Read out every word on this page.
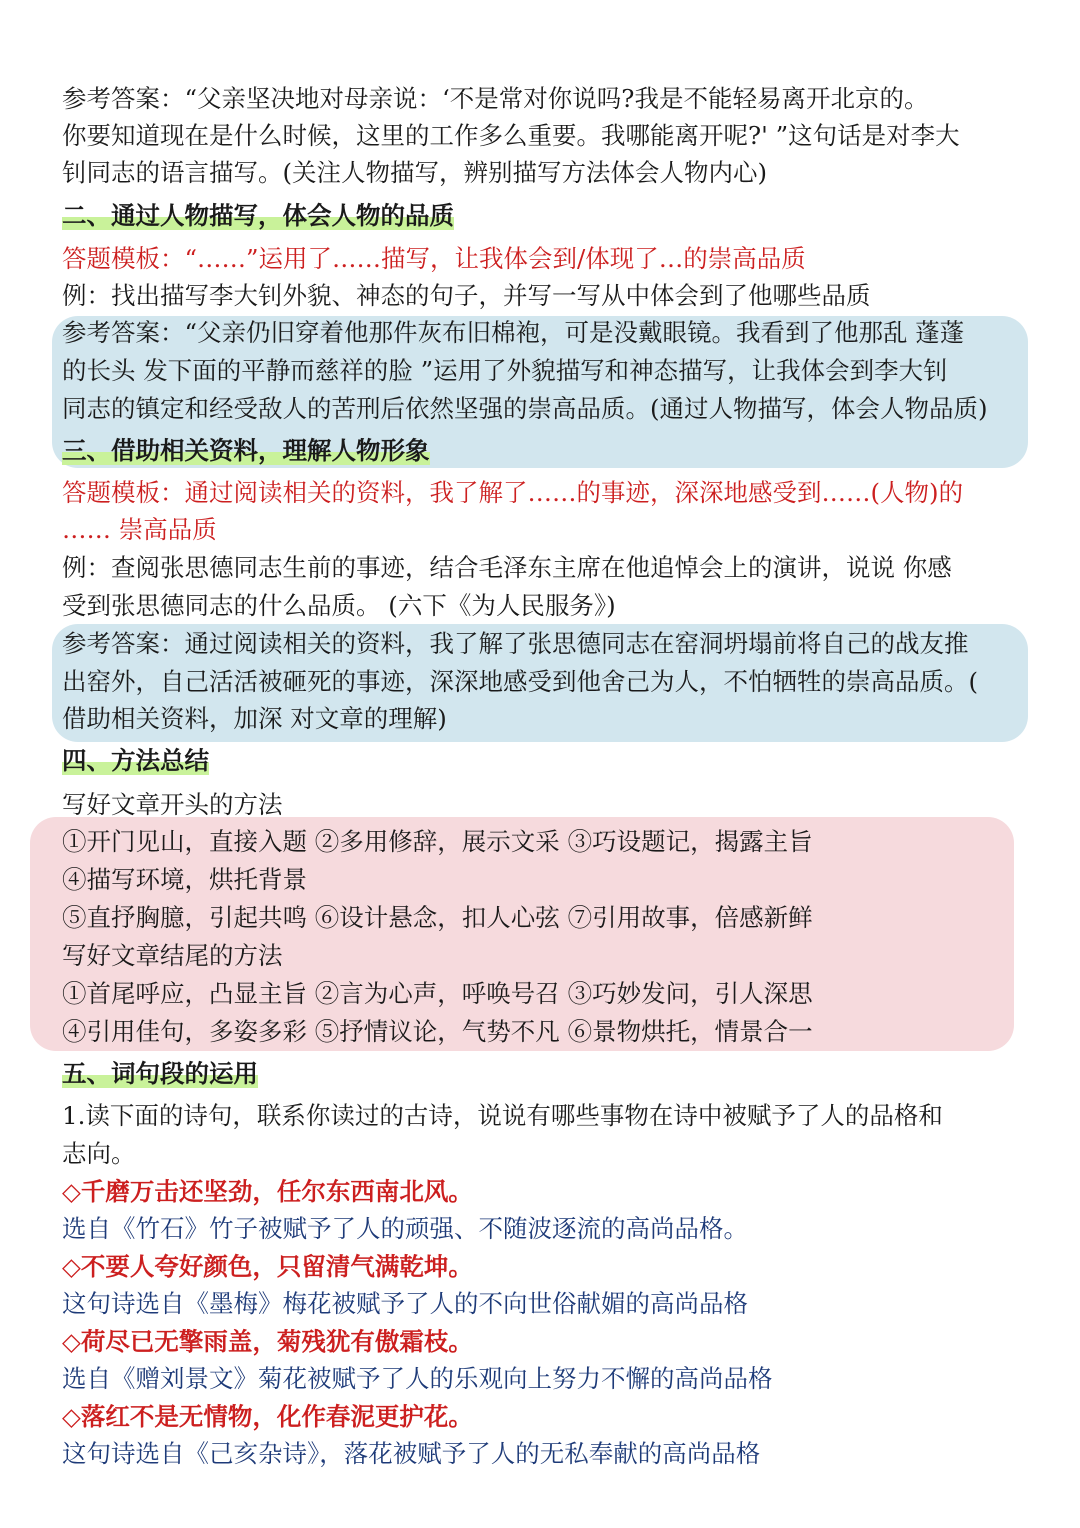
参考答案：“父亲坚决地对母亲说：‘不是常对你说吗?我是不能轻易离开北京的。
你要知道现在是什么时候，这里的工作多么重要。我哪能离开呢?' ”这句话是对李大
钊同志的语言描写。(关注人物描写，辨别描写方法体会人物内心)
二、通过人物描写，体会人物的品质
答题模板：“……”运用了……描写，让我体会到/体现了…的崇高品质
例：找出描写李大钊外貌、神态的句子，并写一写从中体会到了他哪些品质
参考答案：“父亲仍旧穿着他那件灰布旧棉袍，可是没戴眼镜。我看到了他那乱 蓬蓬
的长头 发下面的平静而慈祥的脸 ”运用了外貌描写和神态描写，让我体会到李大钊
同志的镇定和经受敌人的苦刑后依然坚强的崇高品质。(通过人物描写，体会人物品质)
三、借助相关资料，理解人物形象
答题模板：通过阅读相关的资料，我了解了……的事迹，深深地感受到……(人物)的
…… 崇高品质
例：查阅张思德同志生前的事迹，结合毛泽东主席在他追悼会上的演讲，说说 你感
受到张思德同志的什么品质。 (六下《为人民服务》)
参考答案：通过阅读相关的资料，我了解了张思德同志在窑洞坍塌前将自己的战友推
出窑外，自己活活被砸死的事迹，深深地感受到他舍己为人，不怕牺牲的崇高品质。(
借助相关资料，加深 对文章的理解)
四、方法总结
写好文章开头的方法
①开门见山，直接入题 ②多用修辞，展示文采 ③巧设题记，揭露主旨
④描写环境，烘托背景
⑤直抒胸臆，引起共鸣 ⑥设计悬念，扣人心弦 ⑦引用故事，倍感新鲜
写好文章结尾的方法
①首尾呼应，凸显主旨 ②言为心声，呼唤号召 ③巧妙发问，引人深思
④引用佳句，多姿多彩 ⑤抒情议论，气势不凡 ⑥景物烘托，情景合一
五、词句段的运用
1.读下面的诗句，联系你读过的古诗，说说有哪些事物在诗中被赋予了人的品格和
志向。
◇千磨万击还坚劲，任尔东西南北风。
选自《竹石》竹子被赋予了人的顽强、不随波逐流的高尚品格。
◇不要人夸好颜色，只留清气满乾坤。
这句诗选自《墨梅》梅花被赋予了人的不向世俗献媚的高尚品格
◇荷尽已无擎雨盖，菊残犹有傲霜枝。
选自《赠刘景文》菊花被赋予了人的乐观向上努力不懈的高尚品格
◇落红不是无情物，化作春泥更护花。
这句诗选自《己亥杂诗》，落花被赋予了人的无私奉献的高尚品格
